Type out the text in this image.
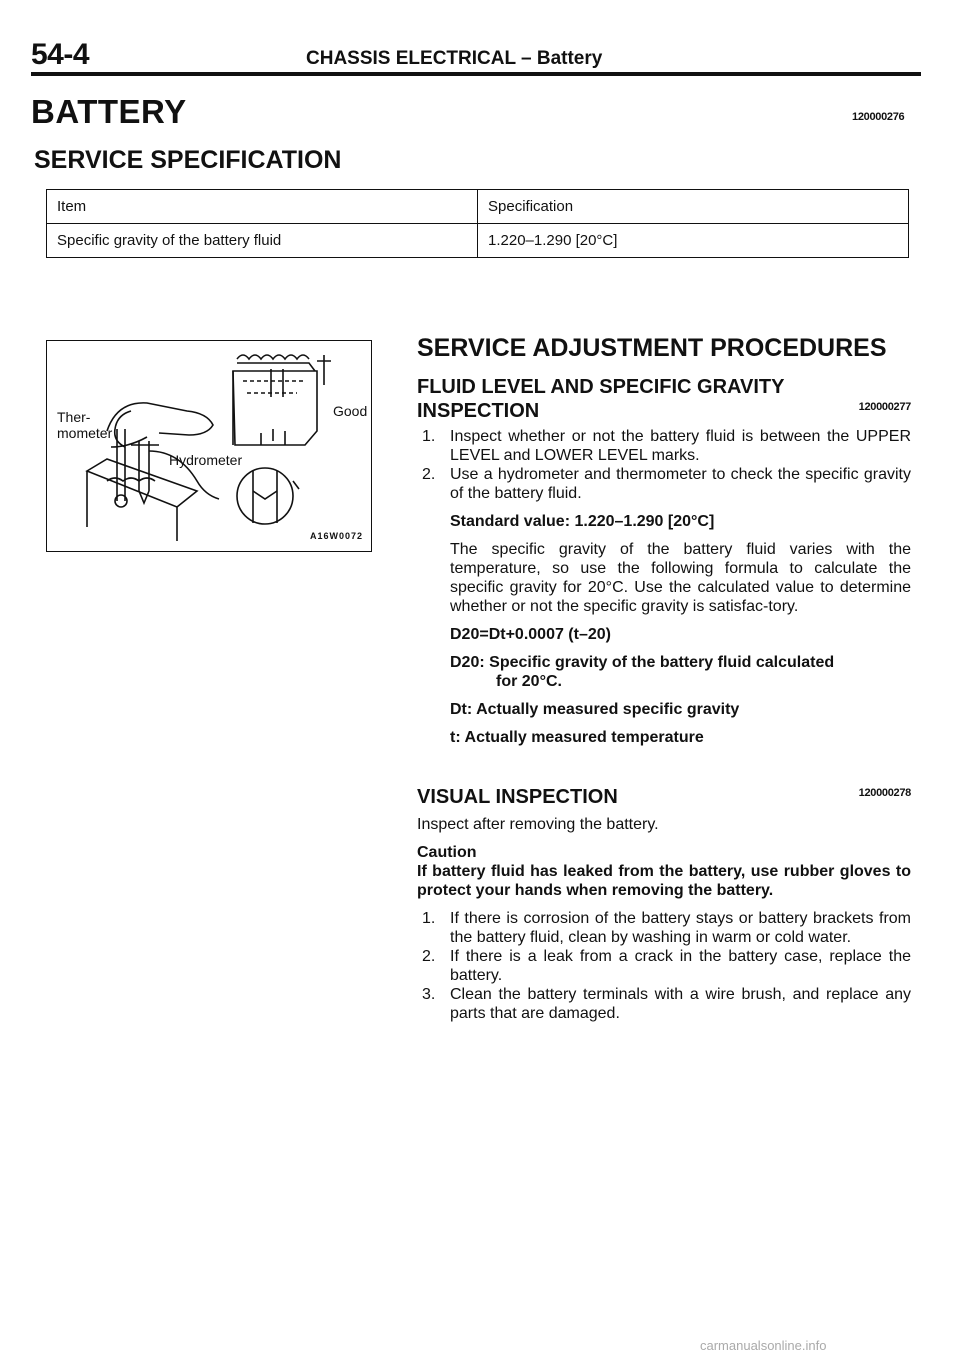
54-4	CHASSIS ELECTRICAL – Battery
BATTERY	120000276
SERVICE SPECIFICATION
Item	Specification
Specific gravity of the battery fluid	1.220–1.290 [20°C]
Ther-
mometer
Hydrometer
Good
A16W0072

SERVICE ADJUSTMENT PROCEDURES

FLUID LEVEL AND SPECIFIC GRAVITY

INSPECTION	120000277

1. Inspect whether or not the battery fluid is between the UPPER LEVEL and LOWER LEVEL marks.

2. Use a hydrometer and thermometer to check the specific gravity of the battery fluid.

Standard value: 1.220–1.290 [20°C]

The specific gravity of the battery fluid varies with the temperature, so use the following formula to calculate the specific gravity for 20°C. Use the calculated value to determine whether or not the specific gravity is satisfac-tory.

D20=Dt+0.0007 (t–20)

D20: Specific gravity of the battery fluid calculated
for 20°C.

Dt: Actually measured specific gravity

t: Actually measured temperature

VISUAL INSPECTION	120000278

Inspect after removing the battery.

Caution

If battery fluid has leaked from the battery, use rubber gloves to protect your hands when removing the battery.

1. If there is corrosion of the battery stays or battery brackets from the battery fluid, clean by washing in warm or cold water.

2. If there is a leak from a crack in the battery case, replace the battery.

3. Clean the battery terminals with a wire brush, and replace any parts that are damaged.

carmanualsonline.info
